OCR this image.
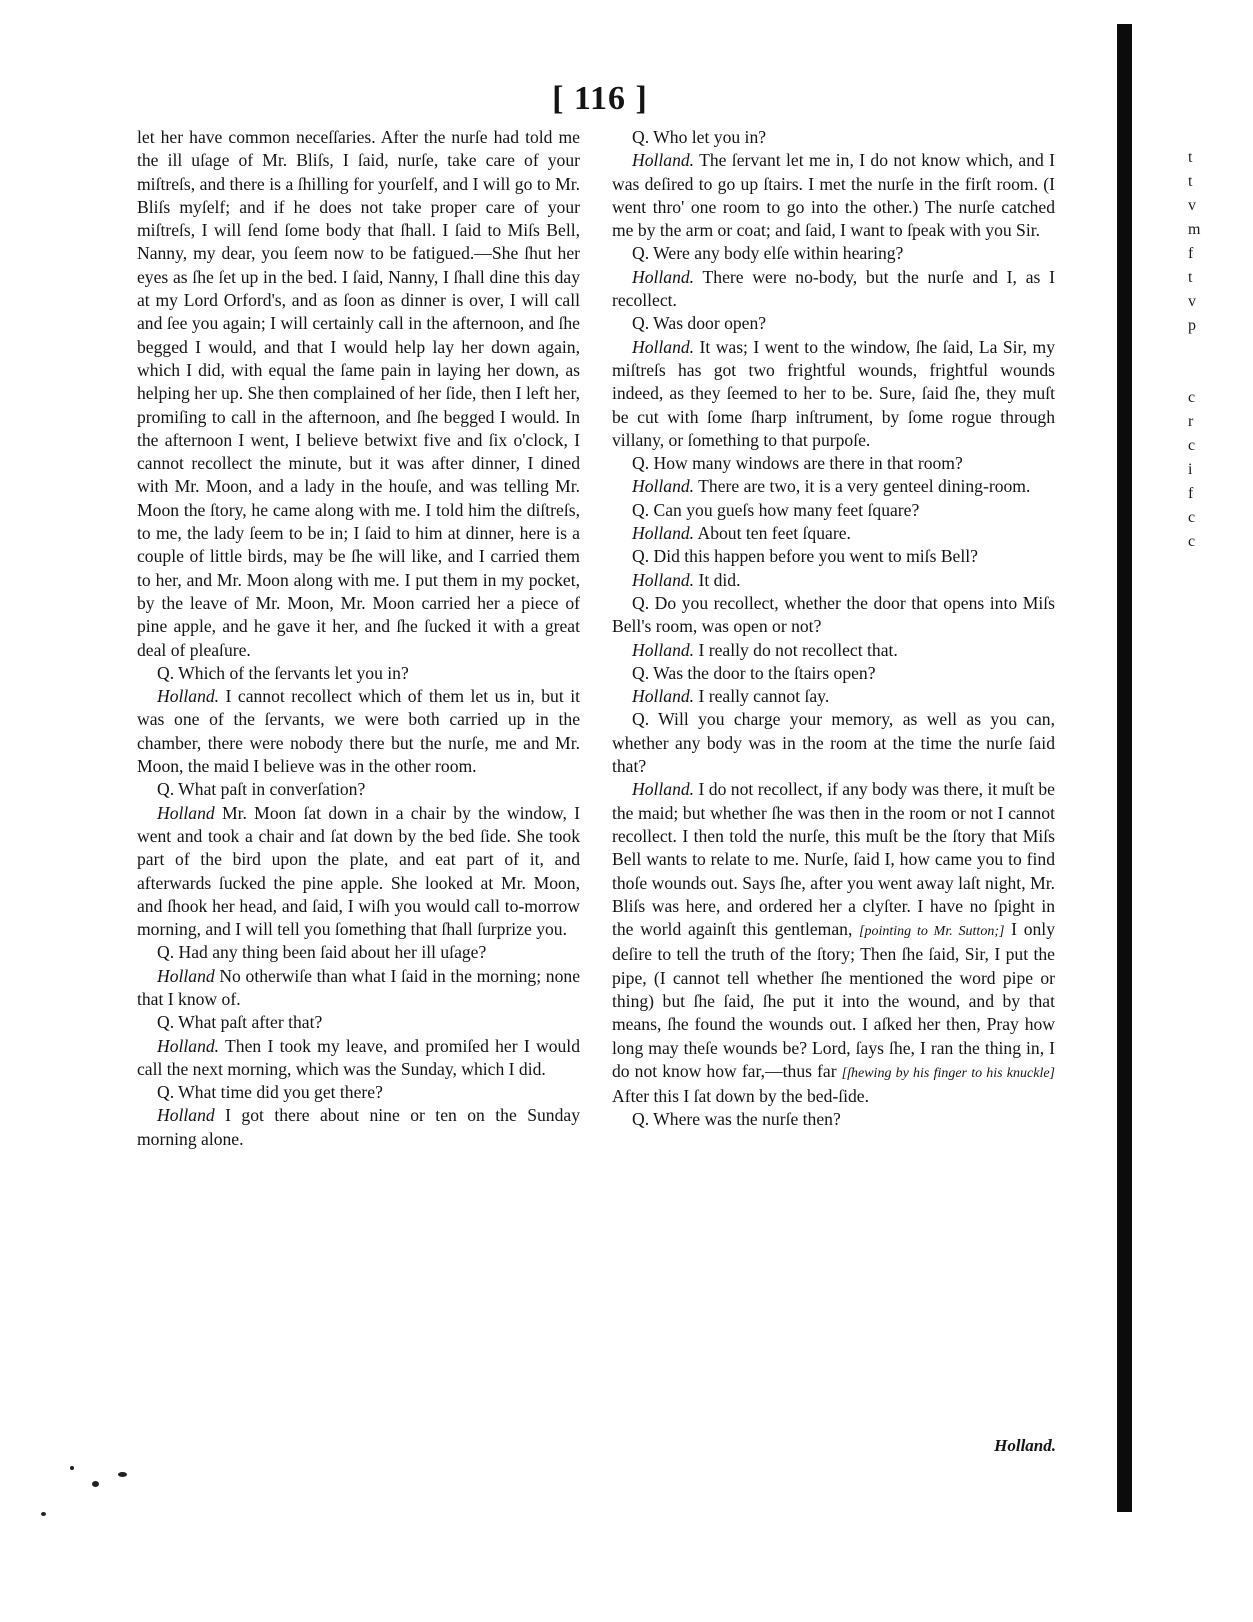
[ 116 ]

let her have common neceſſaries. After the nurſe had told me the ill uſage of Mr. Bliſs, I ſaid, nurſe, take care of your miſtreſs, and there is a ſhilling for yourſelf, and I will go to Mr. Bliſs myſelf; and if he does not take proper care of your miſtreſs, I will ſend ſome body that ſhall. I ſaid to Miſs Bell, Nanny, my dear, you ſeem now to be fatigued.—She ſhut her eyes as ſhe ſet up in the bed. I ſaid, Nanny, I ſhall dine this day at my Lord Orford's, and as ſoon as dinner is over, I will call and ſee you again; I will certainly call in the afternoon, and ſhe begged I would, and that I would help lay her down again, which I did, with equal the ſame pain in laying her down, as helping her up. She then complained of her ſide, then I left her, promiſing to call in the afternoon, and ſhe begged I would. In the afternoon I went, I believe betwixt five and ſix o'clock, I cannot recollect the minute, but it was after dinner, I dined with Mr. Moon, and a lady in the houſe, and was telling Mr. Moon the ſtory, he came along with me. I told him the diſtreſs, to me, the lady ſeem to be in; I ſaid to him at dinner, here is a couple of little birds, may be ſhe will like, and I carried them to her, and Mr. Moon along with me. I put them in my pocket, by the leave of Mr. Moon, Mr. Moon carried her a piece of pine apple, and he gave it her, and ſhe ſucked it with a great deal of pleaſure.

Q. Which of the ſervants let you in?

Holland. I cannot recollect which of them let us in, but it was one of the ſervants, we were both carried up in the chamber, there were nobody there but the nurſe, me and Mr. Moon, the maid I believe was in the other room.

Q. What paſt in converſation?

Holland Mr. Moon ſat down in a chair by the window, I went and took a chair and ſat down by the bed ſide. She took part of the bird upon the plate, and eat part of it, and afterwards ſucked the pine apple. She looked at Mr. Moon, and ſhook her head, and ſaid, I wiſh you would call to-morrow morning, and I will tell you ſomething that ſhall ſurprize you.

Q. Had any thing been ſaid about her ill uſage?

Holland No otherwiſe than what I ſaid in the morning; none that I know of.

Q. What paſt after that?

Holland. Then I took my leave, and promiſed her I would call the next morning, which was the Sunday, which I did.

Q. What time did you get there?

Holland I got there about nine or ten on the Sunday morning alone.

Q. Who let you in?

Holland. The ſervant let me in, I do not know which, and I was deſired to go up ſtairs. I met the nurſe in the firſt room. (I went thro' one room to go into the other.) The nurſe catched me by the arm or coat; and ſaid, I want to ſpeak with you Sir.

Q. Were any body elſe within hearing?

Holland. There were no-body, but the nurſe and I, as I recollect.

Q. Was door open?

Holland. It was; I went to the window, ſhe ſaid, La Sir, my miſtreſs has got two frightful wounds, frightful wounds indeed, as they ſeemed to her to be. Sure, ſaid ſhe, they muſt be cut with ſome ſharp inſtrument, by ſome rogue through villany, or ſomething to that purpoſe.

Q. How many windows are there in that room?

Holland. There are two, it is a very genteel dining-room.

Q. Can you gueſs how many feet ſquare?

Holland. About ten feet ſquare.

Q. Did this happen before you went to miſs Bell?

Holland. It did.

Q. Do you recollect, whether the door that opens into Miſs Bell's room, was open or not?

Holland. I really do not recollect that.

Q. Was the door to the ſtairs open?

Holland. I really cannot ſay.

Q. Will you charge your memory, as well as you can, whether any body was in the room at the time the nurſe ſaid that?

Holland. I do not recollect, if any body was there, it muſt be the maid; but whether ſhe was then in the room or not I cannot recollect. I then told the nurſe, this muſt be the ſtory that Miſs Bell wants to relate to me. Nurſe, ſaid I, how came you to find thoſe wounds out. Says ſhe, after you went away laſt night, Mr. Bliſs was here, and ordered her a clyſter. I have no ſpight in the world againſt this gentleman, [pointing to Mr. Sutton;] I only deſire to tell the truth of the ſtory; Then ſhe ſaid, Sir, I put the pipe, (I cannot tell whether ſhe mentioned the word pipe or thing) but ſhe ſaid, ſhe put it into the wound, and by that means, ſhe found the wounds out. I aſked her then, Pray how long may theſe wounds be? Lord, ſays ſhe, I ran the thing in, I do not know how far,—thus far [ſhewing by his finger to his knuckle] After this I ſat down by the bed-ſide.

Q. Where was the nurſe then?

Holland.
t
t
v
m
f
t
v
p
c
r
c
i
f
c
c
